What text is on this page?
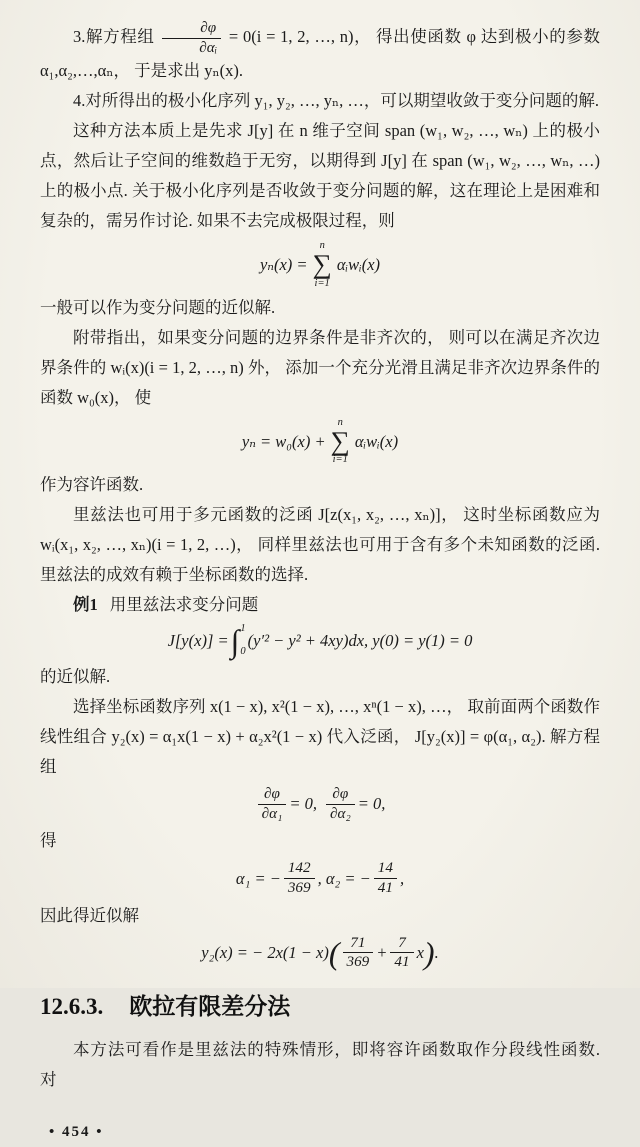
3.解方程组 $\frac{\partial\varphi}{\text{∂αᵢ}} = 0(i = 1$, 2, …, n)， 得出使函数 φ 达到极小的参数 α₁,α₂,…,αₙ， 于是求出 yₙ(x).

4.对所得出的极小化序列 y₁, y₂, …, yₙ, …，可以期望收敛于变分问题的解.

这种方法本质上是先求 J[y] 在 n 维子空间 span (w₁, w₂, …, wₙ) 上的极小点，然后让子空间的维数趋于无穷，以期得到 J[y] 在 span (w₁, w₂, …, wₙ, …) 上的极小点. 关于极小化序列是否收敛于变分问题的解，这在理论上是困难和复杂的，需另作讨论. 如果不去完成极限过程，则

yₙ(x) =
n
∑
i=1
αᵢwᵢ(x)

一般可以作为变分问题的近似解.

附带指出，如果变分问题的边界条件是非齐次的， 则可以在满足齐次边界条件的 wᵢ(x)(i = 1, 2, …, n) 外， 添加一个充分光滑且满足非齐次边界条件的函数 w₀(x)， 使

yₙ = w₀(x) +
n
∑
i=1
αᵢwᵢ(x)

作为容许函数.

里兹法也可用于多元函数的泛函 J[z(x₁, x₂, …, xₙ)]， 这时坐标函数应为 wᵢ(x₁, x₂, …, xₙ)(i = 1, 2, …)， 同样里兹法也可用于含有多个未知函数的泛函. 里兹法的成效有赖于坐标函数的选择.

例1 用里兹法求变分问题

J[y(x)] = ∫ 1
0
(y′² − y² + 4xy)dx, y(0) = y(1) = 0

的近似解.

选择坐标函数序列 x(1 − x), x²(1 − x), …, xⁿ(1 − x), …， 取前面两个函数作线性组合 y₂(x) = α₁x(1 − x) + α₂x²(1 − x) 代入泛函， J[y₂(x)] = φ(α₁, α₂). 解方程组

$\frac{\partial\varphi}{\text{∂α₁}} = 0$, $\frac{\partial\varphi}{\text{∂α₂}} = 0$,

得

α₁ = − $\frac{142}{369}$ , α₂ = − $\frac{14}{41}$ ,

因此得近似解

y₂(x) = − 2x(1 − x) ( $\frac{71}{369} + \frac{7}{41}$ x ) .
12.6.3. 欧拉有限差分法

本方法可看作是里兹法的特殊情形，即将容许函数取作分段线性函数.　对

• 454 •
